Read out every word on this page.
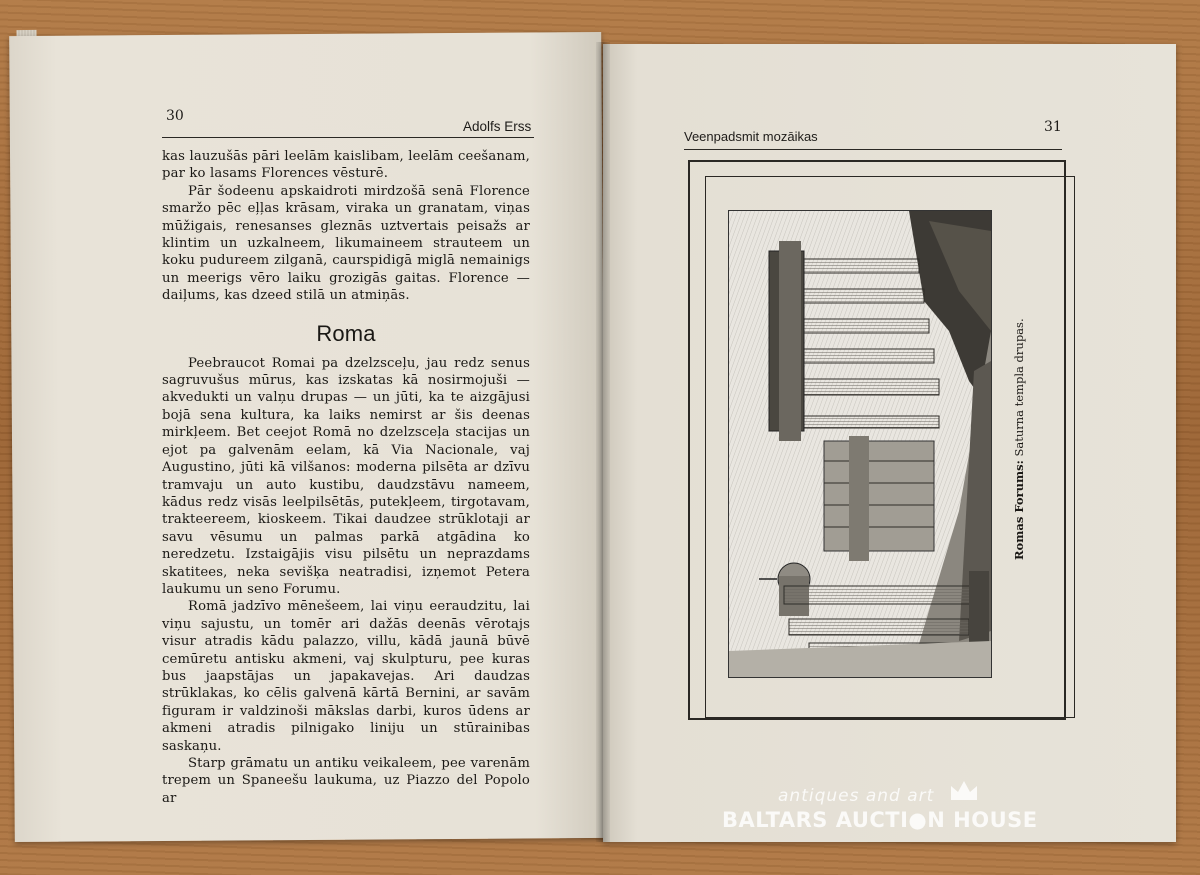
30
Adolfs Erss

kas lauzušās pāri leelām kaislibam, leelām ceešanam, par ko lasams Florences vēsturē.

Pār šodeenu apskaidroti mirdzošā senā Florence smaržo pēc eļļas krāsam, viraka un granatam, viņas mūžigais, renesanses gleznās uztvertais peisažs ar klintim un uzkalneem, likumaineem strauteem un koku pudureem zilganā, caurspidigā miglā nemainigs un meerigs vēro laiku grozigās gaitas. Florence — daiļums, kas dzeed stilā un atmiņās.

Roma

Peebraucot Romai pa dzelzsceļu, jau redz senus sagruvušus mūrus, kas izskatas kā nosirmojuši — akvedukti un valņu drupas — un jūti, ka te aizgājusi bojā sena kultura, ka laiks nemirst ar šis deenas mirkļeem. Bet ceejot Romā no dzelzsceļa stacijas un ejot pa galvenām eelam, kā Via Nacionale, vaj Augustino, jūti kā vilšanos: moderna pilsēta ar dzīvu tramvaju un auto kustibu, daudzstāvu nameem, kādus redz visās leelpilsētās, putekļeem, tirgotavam, trakteereem, kioskeem. Tikai daudzee strūklotaji ar savu vēsumu un palmas parkā atgādina ko neredzetu. Izstaigājis visu pilsētu un neprazdams skatitees, neka sevišķa neatradisi, izņemot Petera laukumu un seno Forumu.

Romā jadzīvo mēnešeem, lai viņu eeraudzitu, lai viņu sajustu, un tomēr ari dažās deenās vērotajs visur atradis kādu palazzo, villu, kādā jaunā būvē cemūretu antisku akmeni, vaj skulpturu, pee kuras bus jaapstājas un japakavejas. Ari daudzas strūklakas, ko cēlis galvenā kārtā Bernini, ar savām figuram ir valdzinoši mākslas darbi, kuros ūdens ar akmeni atradis pilnigako liniju un stūrainibas saskaņu.

Starp grāmatu un antiku veikaleem, pee varenām trepem un Spaneešu laukuma, uz Piazzo del Popolo ar

Veenpadsmit mozāikas
31
Romas Forums: Saturna templa drupas.
antiques and art
BALTARS AUCTI●N HOUSE
